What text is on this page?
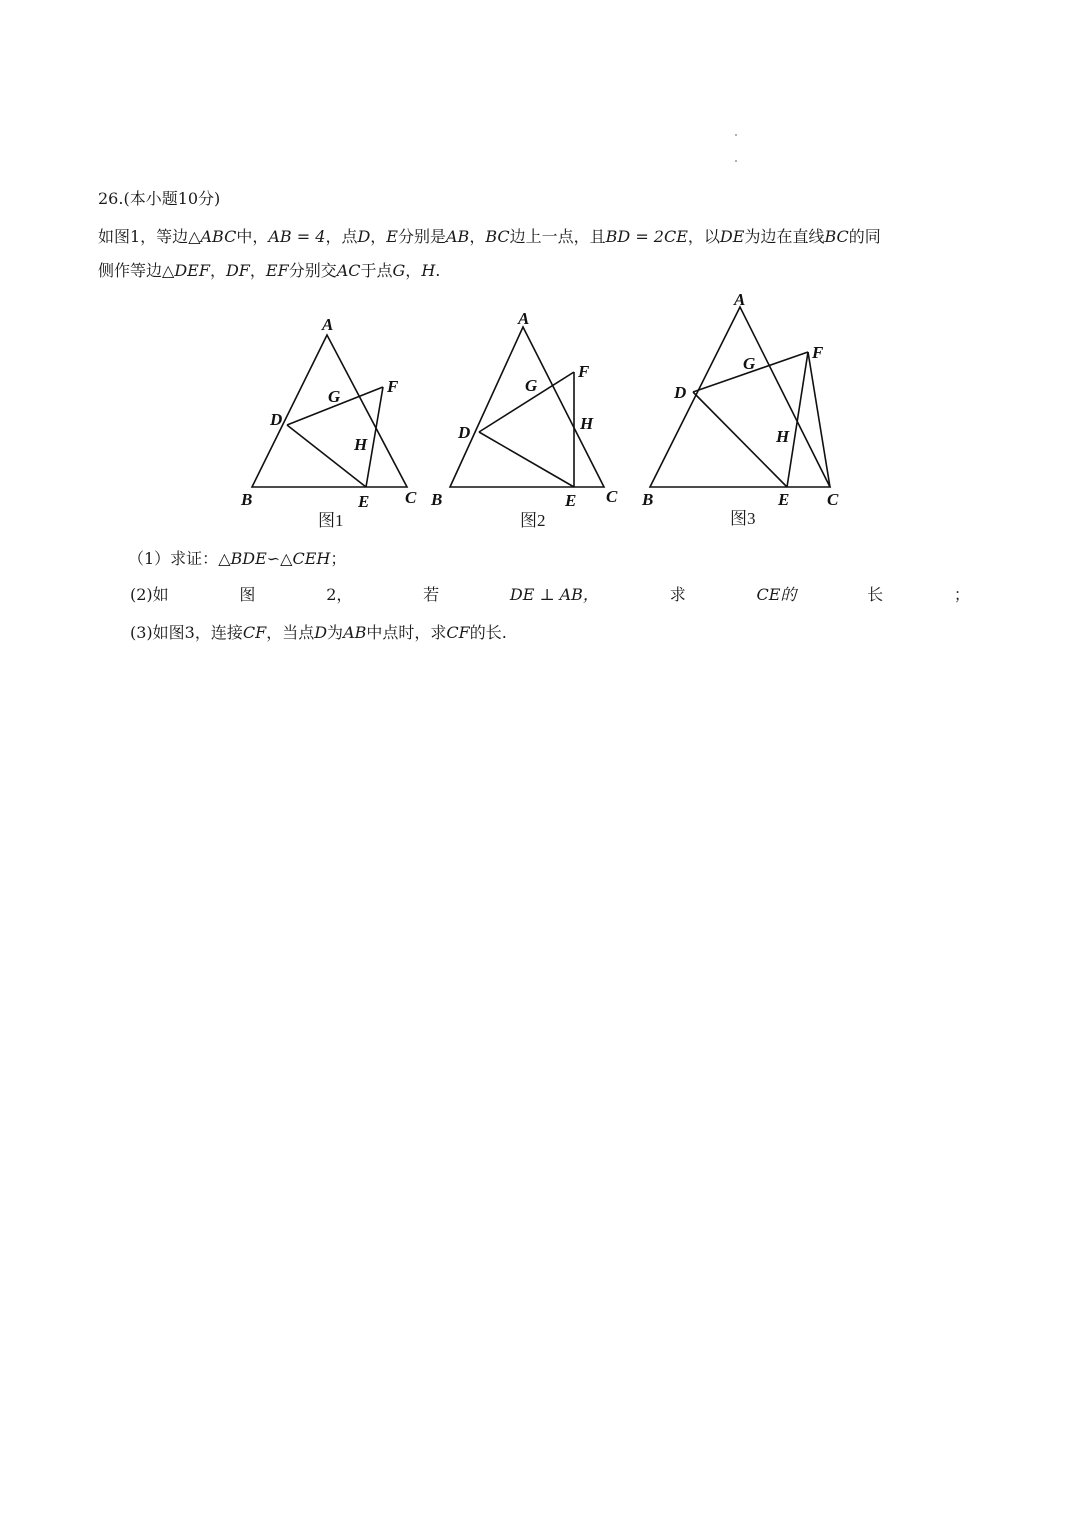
26.(本小题10分)
如图1，等边△ABC中，AB = 4，点D，E分别是AB，BC边上一点，且BD = 2CE，以DE为边在直线BC的同
侧作等边△DEF，DF，EF分别交AC于点G，H.
A
B	C
D
E
F
G
H
图1
A
B	C
D
E
F
G
H
图2
A
B	C
D
E
F
G
H
图3
（1）求证：△BDE∽△CEH；
(2)如	图	2，	若	DE ⊥ AB，	求	CE的	长	；
(3)如图3，连接CF，当点D为AB中点时，求CF的长.
